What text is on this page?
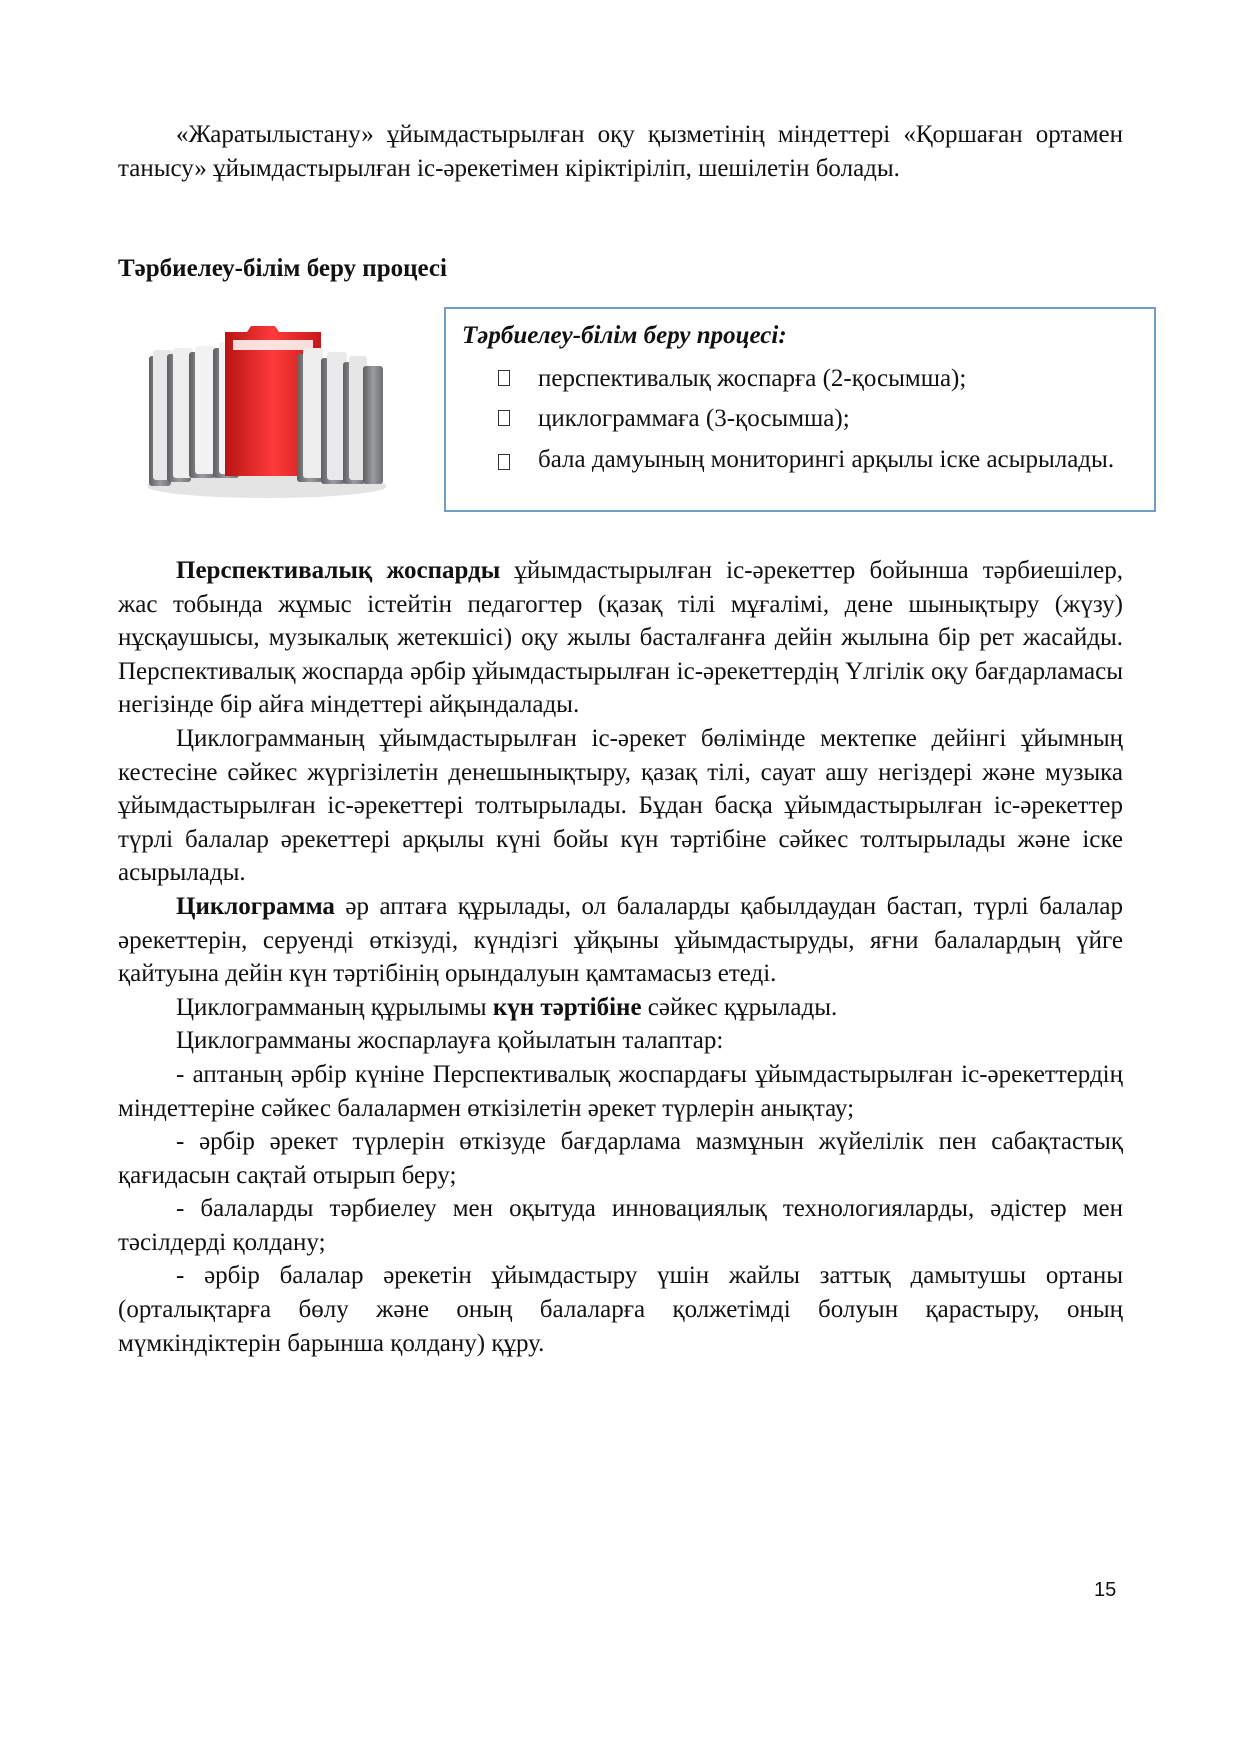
«Жаратылыстану» ұйымдастырылған оқу қызметінің міндеттері «Қоршаған ортамен танысу» ұйымдастырылған іс-әрекетімен кіріктіріліп, шешілетін болады.

Тәрбиелеу-білім беру процесі
Тәрбиелеу-білім беру процесі:
перспективалық жоспарға (2-қосымша);
циклограммаға (3-қосымша);
бала дамуының мониторингі арқылы іске асырылады.

Перспективалық жоспарды ұйымдастырылған іс-әрекеттер бойынша тәрбиешілер, жас тобында жұмыс істейтін педагогтер (қазақ тілі мұғалімі, дене шынықтыру (жүзу) нұсқаушысы, музыкалық жетекшісі) оқу жылы басталғанға дейін жылына бір рет жасайды. Перспективалық жоспарда әрбір ұйымдастырылған іс-әрекеттердің Үлгілік оқу бағдарламасы негізінде бір айға міндеттері айқындалады.

Циклограмманың ұйымдастырылған іс-әрекет бөлімінде мектепке дейінгі ұйымның кестесіне сәйкес жүргізілетін денешынықтыру, қазақ тілі, сауат ашу негіздері және музыка ұйымдастырылған іс-әрекеттері толтырылады. Бұдан басқа ұйымдастырылған іс-әрекеттер түрлі балалар әрекеттері арқылы күні бойы күн тәртібіне сәйкес толтырылады және іске асырылады.

Циклограмма әр аптаға құрылады, ол балаларды қабылдаудан бастап, түрлі балалар әрекеттерін, серуенді өткізуді, күндізгі ұйқыны ұйымдастыруды, яғни балалардың үйге қайтуына дейін күн тәртібінің орындалуын қамтамасыз етеді.

Циклограмманың құрылымы күн тәртібіне сәйкес құрылады.

Циклограмманы жоспарлауға қойылатын талаптар:

- аптаның әрбір күніне Перспективалық жоспардағы ұйымдастырылған іс-әрекеттердің міндеттеріне сәйкес балалармен өткізілетін әрекет түрлерін анықтау;

- әрбір әрекет түрлерін өткізуде бағдарлама мазмұнын жүйелілік пен сабақтастық қағидасын сақтай отырып беру;

- балаларды тәрбиелеу мен оқытуда инновациялық технологияларды, әдістер мен тәсілдерді қолдану;

- әрбір балалар әрекетін ұйымдастыру үшін жайлы заттық дамытушы ортаны (орталықтарға бөлу және оның балаларға қолжетімді болуын қарастыру, оның мүмкіндіктерін барынша қолдану) құру.

15
